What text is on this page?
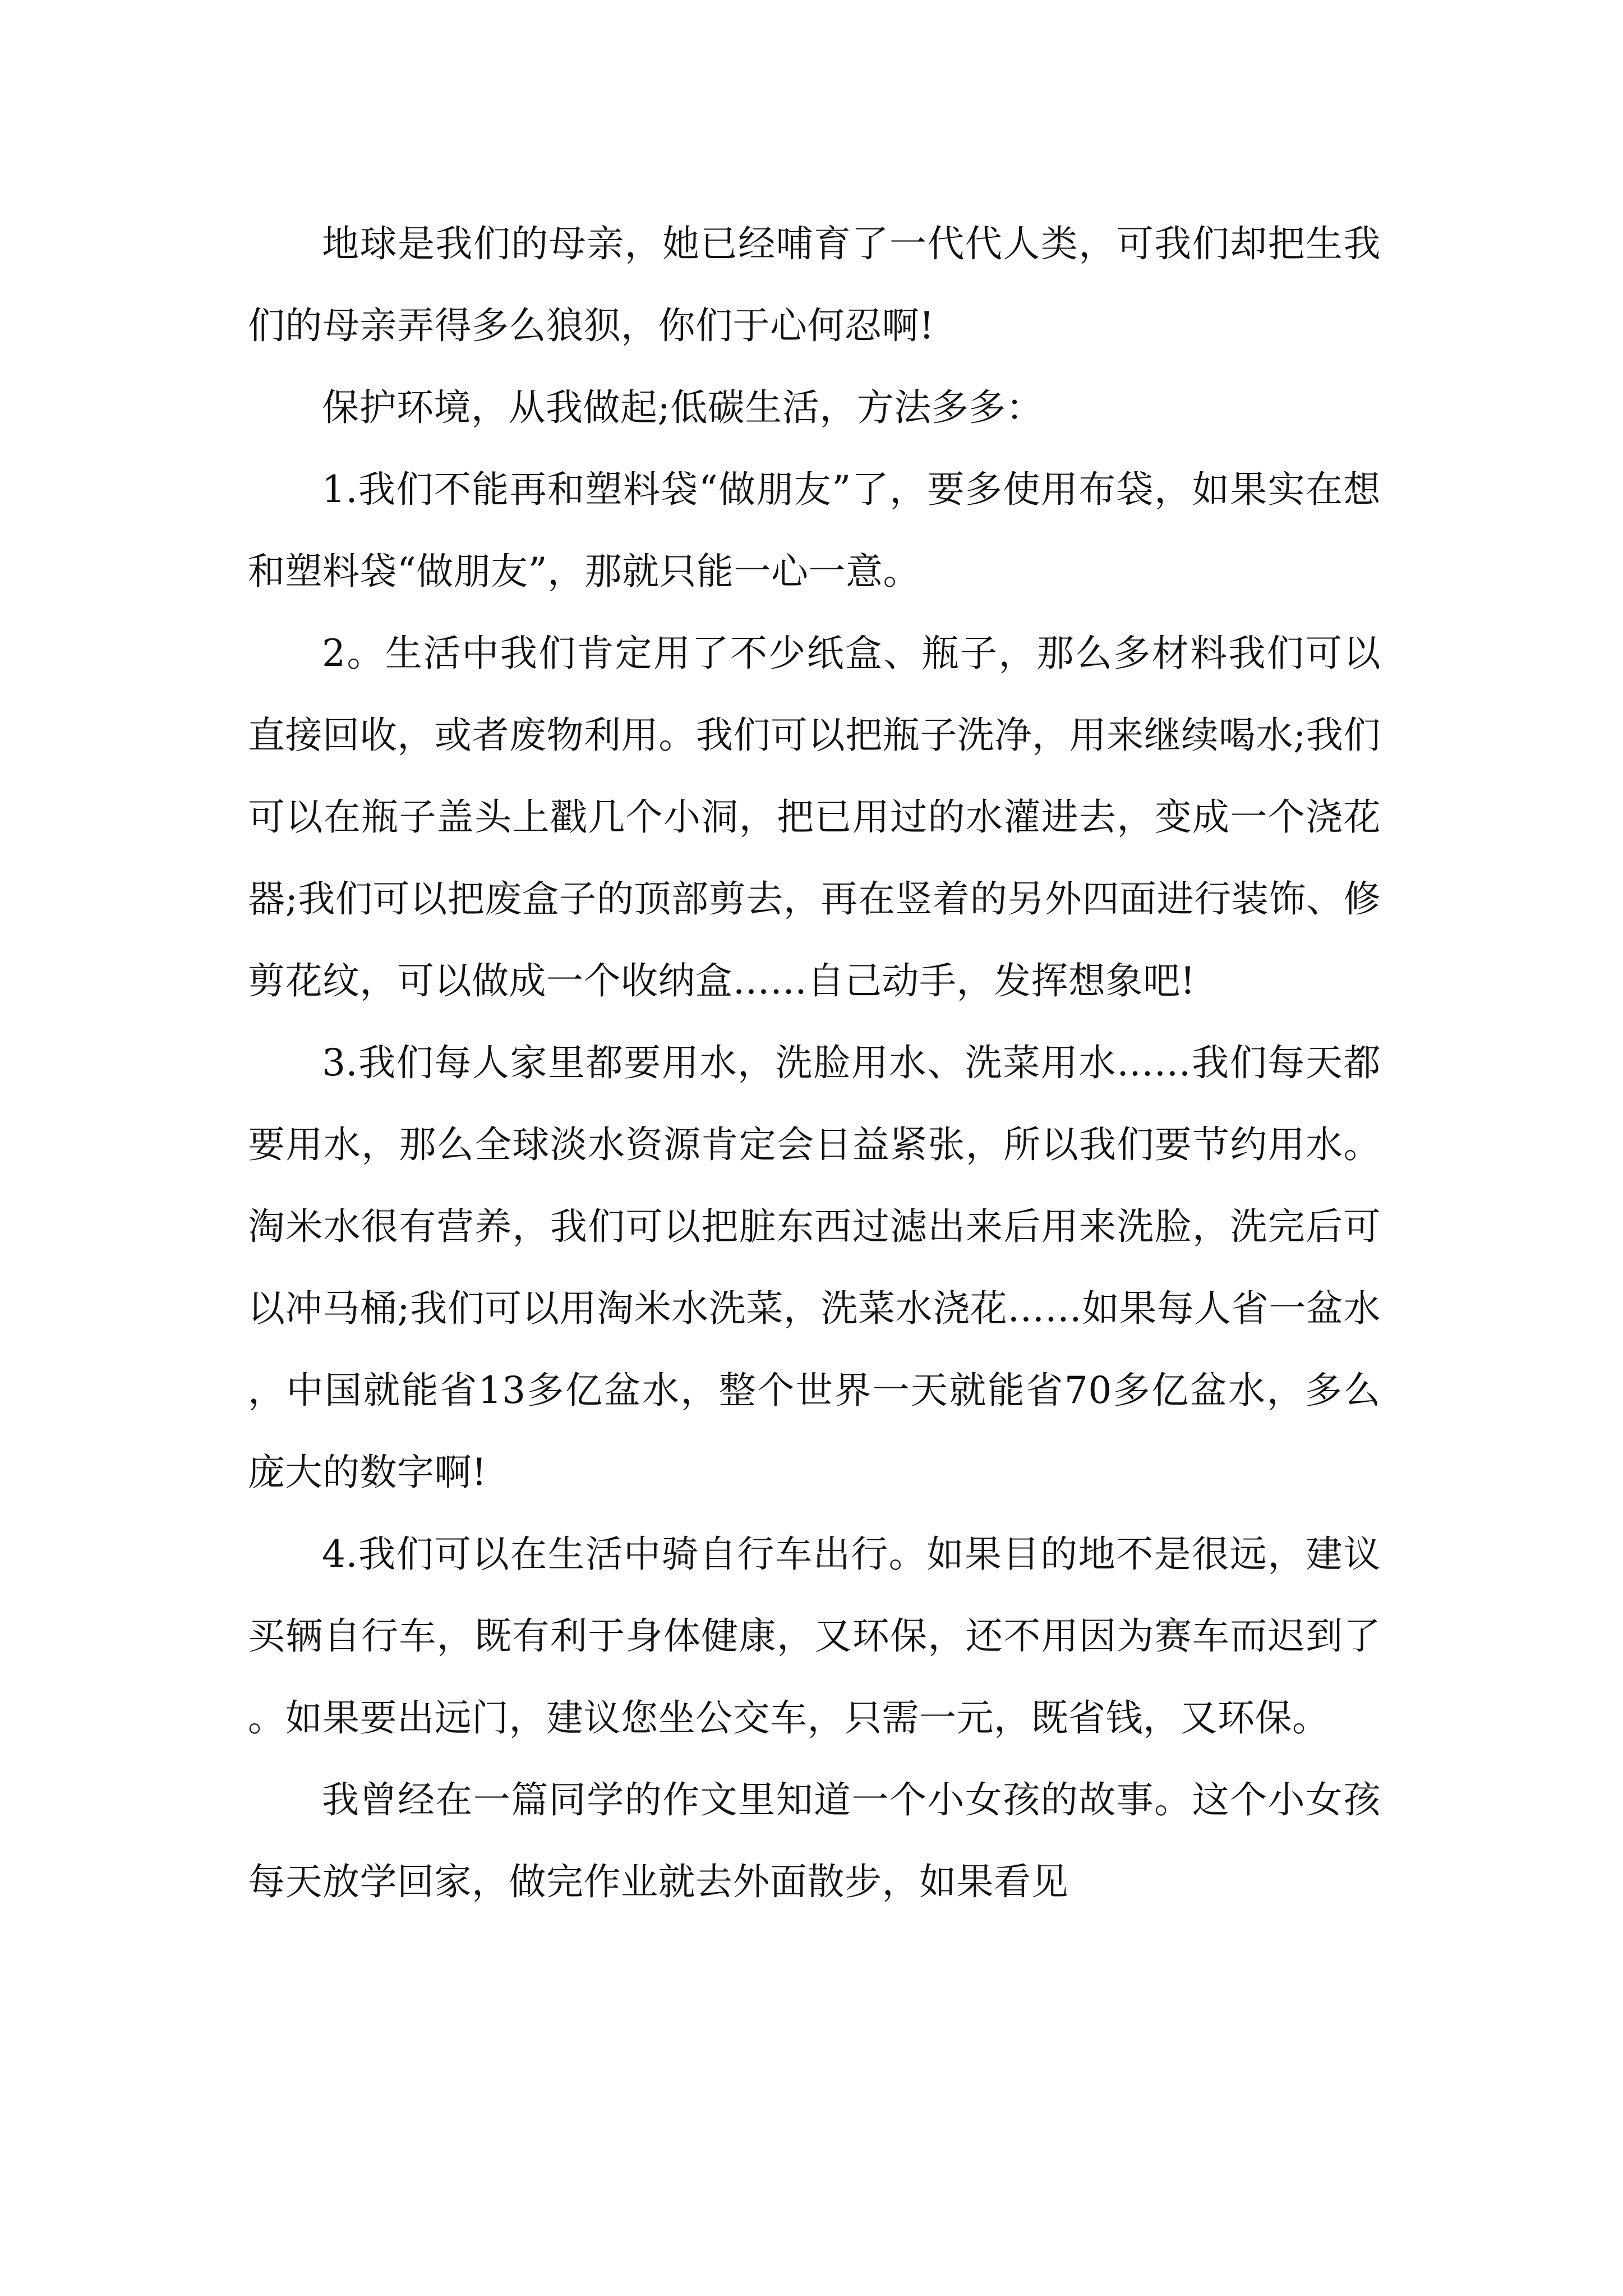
地球是我们的母亲，她已经哺育了一代代人类，可我们却把生我们的母亲弄得多么狼狈，你们于心何忍啊!

保护环境，从我做起;低碳生活，方法多多：

1.我们不能再和塑料袋“做朋友”了，要多使用布袋，如果实在想和塑料袋“做朋友”，那就只能一心一意。

2。生活中我们肯定用了不少纸盒、瓶子，那么多材料我们可以直接回收，或者废物利用。我们可以把瓶子洗净，用来继续喝水;我们可以在瓶子盖头上戳几个小洞，把已用过的水灌进去，变成一个浇花器;我们可以把废盒子的顶部剪去，再在竖着的另外四面进行装饰、修剪花纹，可以做成一个收纳盒……自己动手，发挥想象吧!

3.我们每人家里都要用水，洗脸用水、洗菜用水……我们每天都要用水，那么全球淡水资源肯定会日益紧张，所以我们要节约用水。淘米水很有营养，我们可以把脏东西过滤出来后用来洗脸，洗完后可以冲马桶;我们可以用淘米水洗菜，洗菜水浇花……如果每人省一盆水，中国就能省13多亿盆水，整个世界一天就能省70多亿盆水，多么庞大的数字啊!

4.我们可以在生活中骑自行车出行。如果目的地不是很远，建议买辆自行车，既有利于身体健康，又环保，还不用因为赛车而迟到了。如果要出远门，建议您坐公交车，只需一元，既省钱，又环保。

我曾经在一篇同学的作文里知道一个小女孩的故事。这个小女孩每天放学回家，做完作业就去外面散步，如果看见
